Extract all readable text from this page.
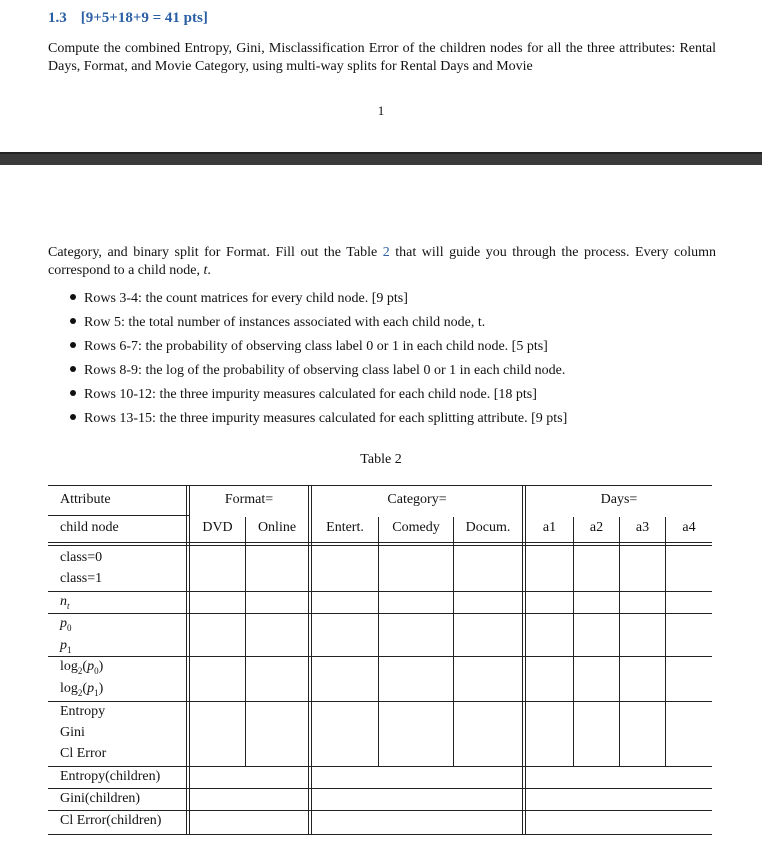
1.3 [9+5+18+9 = 41 pts]
Compute the combined Entropy, Gini, Misclassification Error of the children nodes for all the three attributes: Rental Days, Format, and Movie Category, using multi-way splits for Rental Days and Movie
1
Category, and binary split for Format. Fill out the Table 2 that will guide you through the process. Every column correspond to a child node, t.
Rows 3-4: the count matrices for every child node. [9 pts]
Row 5: the total number of instances associated with each child node, t.
Rows 6-7: the probability of observing class label 0 or 1 in each child node. [5 pts]
Rows 8-9: the log of the probability of observing class label 0 or 1 in each child node.
Rows 10-12: the three impurity measures calculated for each child node. [18 pts]
Rows 13-15: the three impurity measures calculated for each splitting attribute. [9 pts]
Table 2
Attribute	Format=	Category=	Days=
child node	DVD	Online	Entert.	Comedy	Docum.	a1	a2	a3	a4
class=0
class=1
$n_t$
$p_0$
$p_1$
$\log_2(p_0)$
$\log_2(p_1)$
Entropy
Gini
Cl Error
Entropy(children)
Gini(children)
Cl Error(children)
